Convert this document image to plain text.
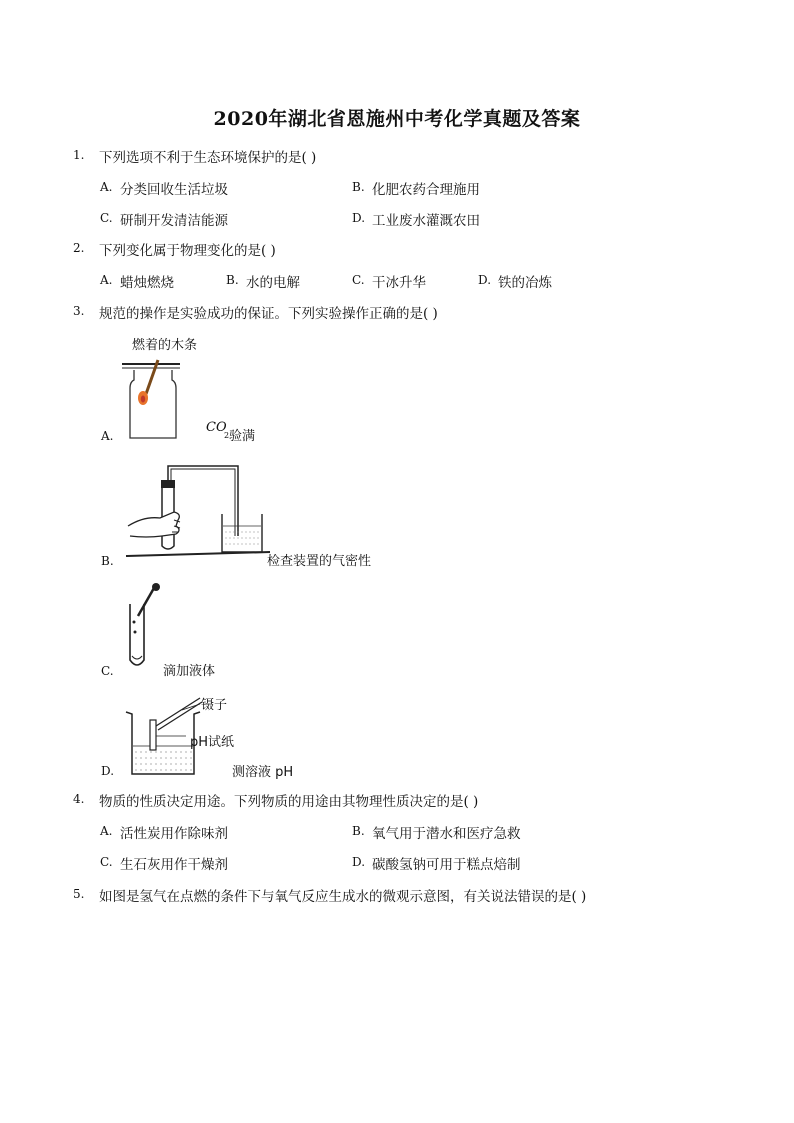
2020年湖北省恩施州中考化学真题及答案
1. 下列选项不利于生态环境保护的是( )
A. 分类回收生活垃圾	B. 化肥农药合理施用
C. 研制开发清洁能源	D. 工业废水灌溉农田
2. 下列变化属于物理变化的是( )
A. 蜡烛燃烧	B. 水的电解	C. 干冰升华	D. 铁的冶炼
3. 规范的操作是实验成功的保证。下列实验操作正确的是( )
燃着的木条
A.
CO
2 验满
B.	检查装置的气密性
C.	滴加液体
镊子
pH试纸
D.	测溶液 pH
4. 物质的性质决定用途。下列物质的用途由其物理性质决定的是( )
A. 活性炭用作除味剂	B. 氧气用于潜水和医疗急救
C. 生石灰用作干燥剂	D. 碳酸氢钠可用于糕点焙制
5. 如图是氢气在点燃的条件下与氧气反应生成水的微观示意图，有关说法错误的是( )
